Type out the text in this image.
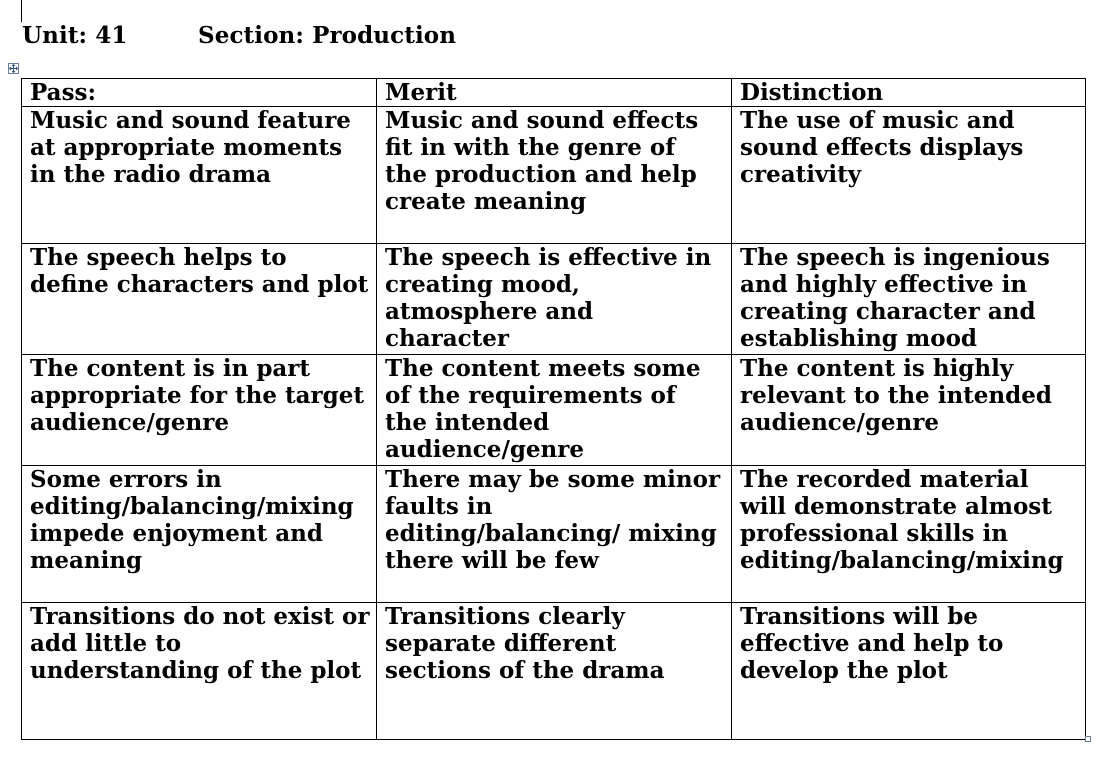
Unit: 41	Section: Production
Pass:	Merit	Distinction
Music and sound feature at appropriate moments in the radio drama	Music and sound effects fit in with the genre of the production and help create meaning	The use of music and sound effects displays creativity
The speech helps to define characters and plot	The speech is effective in creating mood, atmosphere and character	The speech is ingenious and highly effective in creating character and establishing mood
The content is in part appropriate for the target audience/genre	The content meets some of the requirements of the intended audience/genre	The content is highly relevant to the intended audience/genre
Some errors in editing/balancing/mixing impede enjoyment and meaning	There may be some minor faults in editing/balancing/ mixing there will be few	The recorded material will demonstrate almost professional skills in editing/balancing/mixing
Transitions do not exist or add little to understanding of the plot	Transitions clearly separate different sections of the drama	Transitions will be effective and help to develop the plot
